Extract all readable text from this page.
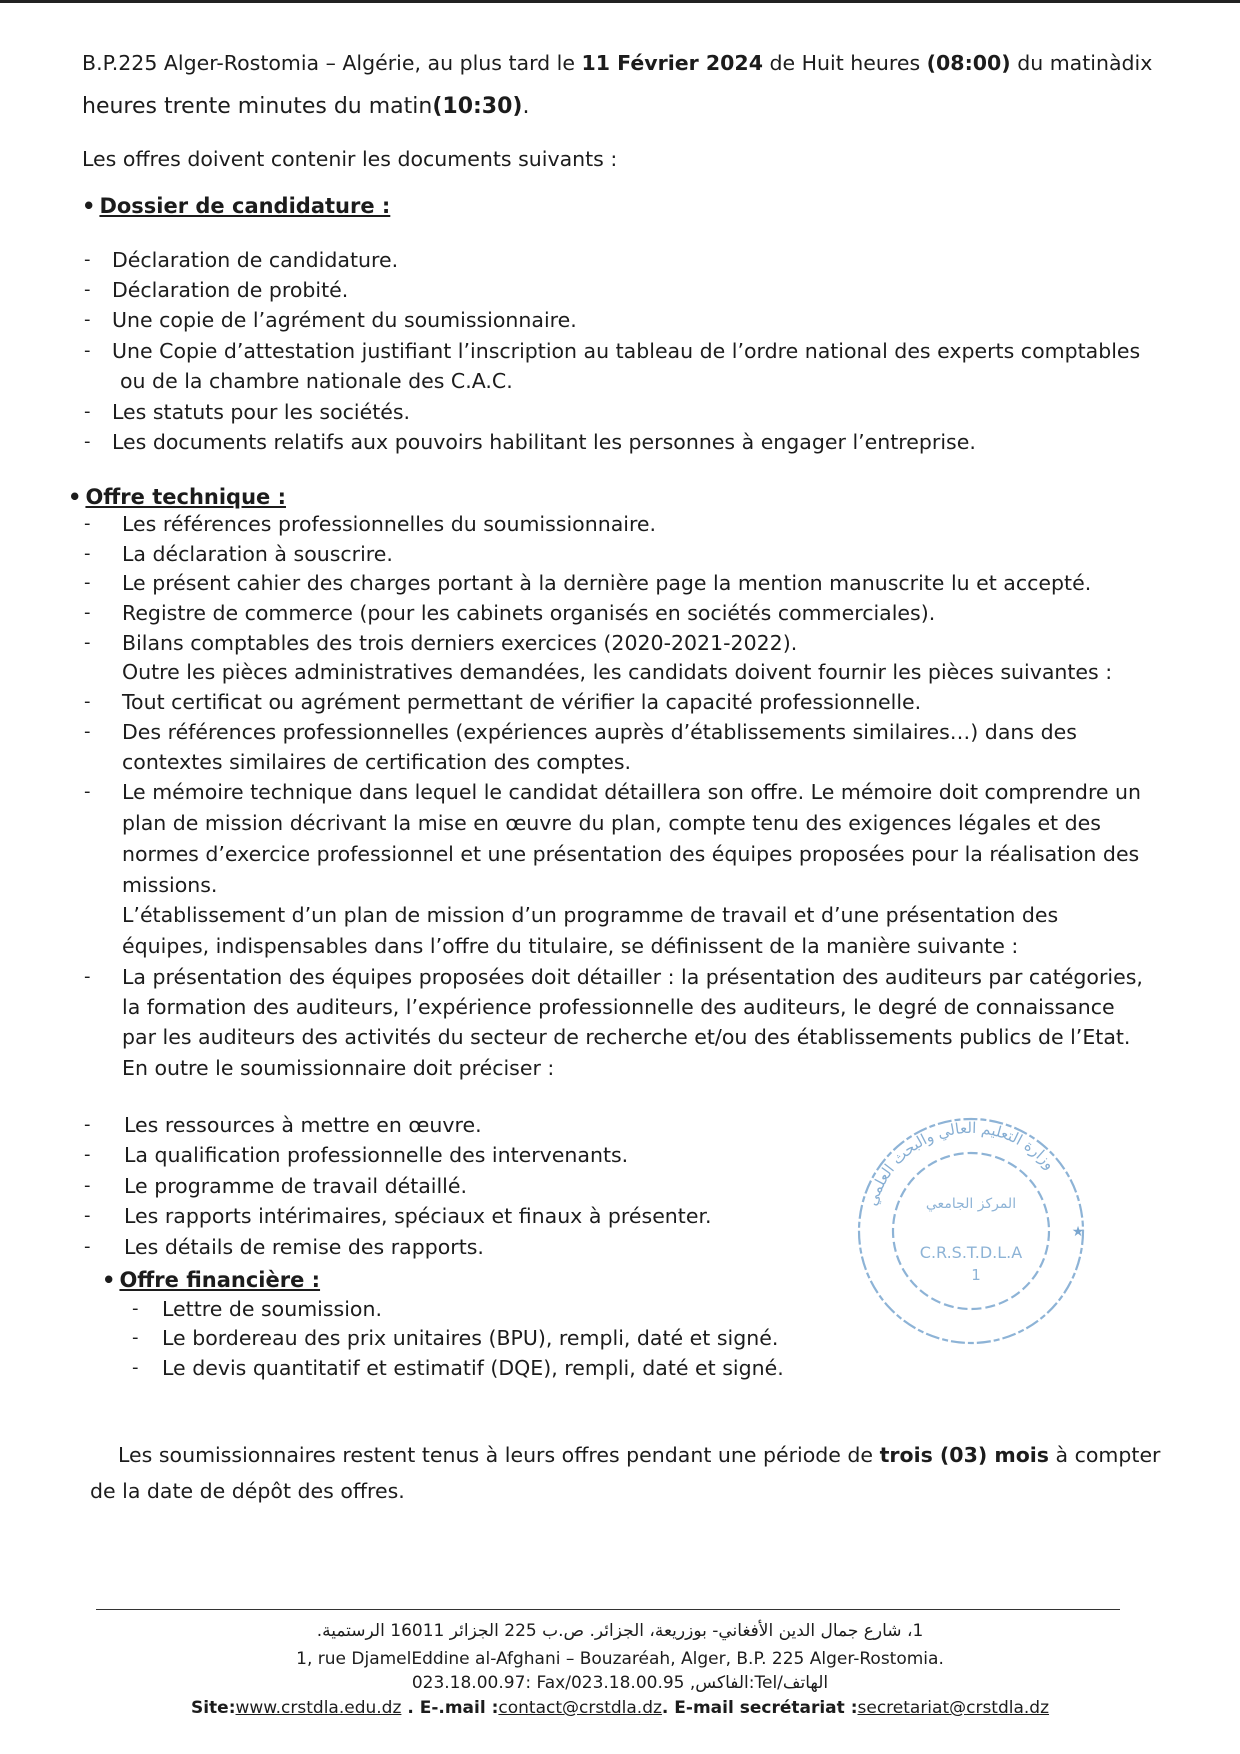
B.P.225 Alger-Rostomia – Algérie, au plus tard le 11 Février 2024 de Huit heures (08:00) du matinàdix
heures trente minutes du matin(10:30).
Les offres doivent contenir les documents suivants :
• Dossier de candidature :
- Déclaration de candidature.
- Déclaration de probité.
- Une copie de l’agrément du soumissionnaire.
- Une Copie d’attestation justifiant l’inscription au tableau de l’ordre national des experts comptables
ou de la chambre nationale des C.A.C.
- Les statuts pour les sociétés.
- Les documents relatifs aux pouvoirs habilitant les personnes à engager l’entreprise.
• Offre technique :
- Les références professionnelles du soumissionnaire.
- La déclaration à souscrire.
- Le présent cahier des charges portant à la dernière page la mention manuscrite lu et accepté.
- Registre de commerce (pour les cabinets organisés en sociétés commerciales).
- Bilans comptables des trois derniers exercices (2020-2021-2022).
Outre les pièces administratives demandées, les candidats doivent fournir les pièces suivantes :
- Tout certificat ou agrément permettant de vérifier la capacité professionnelle.
- Des références professionnelles (expériences auprès d’établissements similaires…) dans des
contextes similaires de certification des comptes.
- Le mémoire technique dans lequel le candidat détaillera son offre. Le mémoire doit comprendre un
plan de mission décrivant la mise en œuvre du plan, compte tenu des exigences légales et des
normes d’exercice professionnel et une présentation des équipes proposées pour la réalisation des
missions.
L’établissement d’un plan de mission d’un programme de travail et d’une présentation des
équipes, indispensables dans l’offre du titulaire, se définissent de la manière suivante :
- La présentation des équipes proposées doit détailler : la présentation des auditeurs par catégories,
la formation des auditeurs, l’expérience professionnelle des auditeurs, le degré de connaissance
par les auditeurs des activités du secteur de recherche et/ou des établissements publics de l’Etat.
En outre le soumissionnaire doit préciser :
- Les ressources à mettre en œuvre.
- La qualification professionnelle des intervenants.
- Le programme de travail détaillé.
- Les rapports intérimaires, spéciaux et finaux à présenter.
- Les détails de remise des rapports.
• Offre financière :
- Lettre de soumission.
- Le bordereau des prix unitaires (BPU), rempli, daté et signé.
- Le devis quantitatif et estimatif (DQE), rempli, daté et signé.
وزارة التعليم العالي والبحث العلمي
المركز الجامعي
C.R.S.T.D.L.A
1
★
Les soumissionnaires restent tenus à leurs offres pendant une période de trois (03) mois à compter
de la date de dépôt des offres.
1، شارع جمال الدين الأفغاني- بوزريعة، الجزائر. ص.ب 225 الجزائر 16011 الرستمية.
1, rue DjamelEddine al-Afghani – Bouzaréah, Alger, B.P. 225 Alger-Rostomia.
023.18.00.97: Fax/الفاكس, 023.18.00.95:Tel/الهاتف
Site:www.crstdla.edu.dz . E-.mail :contact@crstdla.dz. E-mail secrétariat :secretariat@crstdla.dz
